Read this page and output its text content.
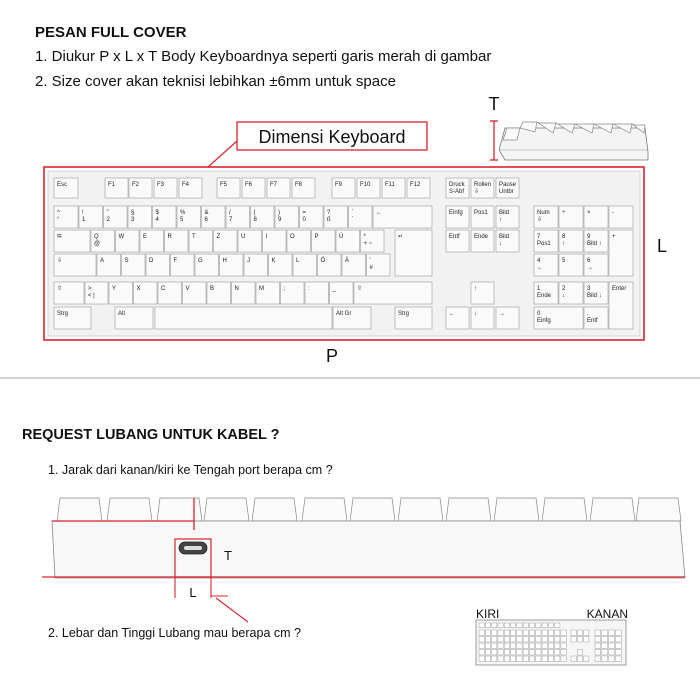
PESAN FULL COVER
1. Diukur P x L x T Body Keyboardnya seperti garis merah di gambar
2. Size cover akan teknisi lebihkan ±6mm untuk space
T
Dimensi Keyboard
P
L
Esc	F1	F2	F3	F4	F5	F6	F7	F8	F9	F10 F11	F12	Druck
S-Abf
Rollen
⇩
Pause
Untbr
^
°
!
1
"
2
§
3
$
4
%
5
&
6
/
7
(
8
)
9
=
0
?
ß
`
´
←
⭾	Q
@
W	E	R	T	Z	U	I	O	P	Ü	*
+ ~
↵
⇩	A	S	D	F	G	H	J	K	L	Ö	Ä	'
#
⇧	>
< |
Y	X	C	V	B	N	M	;	:	_	⇧
Strg	Alt	Alt Gr	Strg
Einfg Pos1 Bild
↑
Entf Ende Bild
↓
↑
←	↓	→
Num
⇩
÷	×	-
7
Pos1
8
↑
9
Bild ↑
+
4
←
5	6
→
1
Ende
2
↓
3
Bild ↓
Enter
0
Einfg
,
Entf
T
L
KIRI	KANAN
REQUEST LUBANG UNTUK KABEL ?
1. Jarak dari kanan/kiri ke Tengah port berapa cm ?
2. Lebar dan Tinggi Lubang mau berapa cm ?
